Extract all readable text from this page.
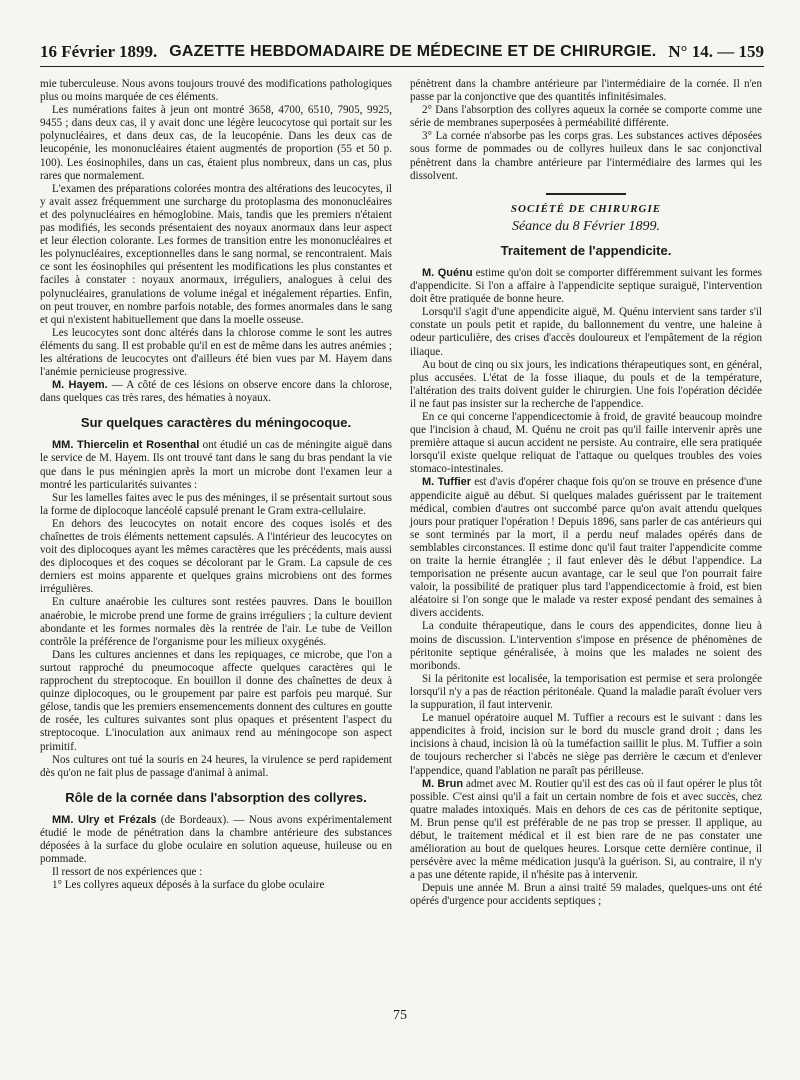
16 Février 1899. GAZETTE HEBDOMADAIRE DE MÉDECINE ET DE CHIRURGIE. N° 14. — 159

mie tuberculeuse. Nous avons toujours trouvé des modifications pathologiques plus ou moins marquée de ces éléments.

Les numérations faites à jeun ont montré 3658, 4700, 6510, 7905, 9925, 9455 ; dans deux cas, il y avait donc une légère leucocytose qui portait sur les polynucléaires, et dans deux cas, de la leucopénie. Dans les deux cas de leucopénie, les mononucléaires étaient augmentés de proportion (55 et 50 p. 100). Les éosinophiles, dans un cas, étaient plus nombreux, dans un cas, plus rares que normalement.

L'examen des préparations colorées montra des altérations des leucocytes, il y avait assez fréquemment une surcharge du protoplasma des mononucléaires et des polynucléaires en hémoglobine. Mais, tandis que les premiers n'étaient pas modifiés, les seconds présentaient des noyaux anormaux dans leur aspect et leur élection colorante. Les formes de transition entre les mononucléaires et les polynucléaires, exceptionnelles dans le sang normal, se rencontraient. Mais ce sont les éosinophiles qui présentent les modifications les plus constantes et faciles à constater : noyaux anormaux, irréguliers, analogues à celui des polynucléaires, granulations de volume inégal et inégalement réparties. Enfin, on peut trouver, en nombre parfois notable, des formes anormales dans le sang et qui n'existent habituellement que dans la moelle osseuse.

Les leucocytes sont donc altérés dans la chlorose comme le sont les autres éléments du sang. Il est probable qu'il en est de même dans les autres anémies ; les altérations de leucocytes ont d'ailleurs été bien vues par M. Hayem dans l'anémie pernicieuse progressive.

M. Hayem. — A côté de ces lésions on observe encore dans la chlorose, dans quelques cas très rares, des hématies à noyaux.

Sur quelques caractères du méningocoque.

MM. Thiercelin et Rosenthal ont étudié un cas de méningite aiguë dans le service de M. Hayem. Ils ont trouvé tant dans le sang du bras pendant la vie que dans le pus méningien après la mort un microbe dont l'examen leur a montré les particularités suivantes :

Sur les lamelles faites avec le pus des méninges, il se présentait surtout sous la forme de diplocoque lancéolé capsulé prenant le Gram extra-cellulaire.

En dehors des leucocytes on notait encore des coques isolés et des chaînettes de trois éléments nettement capsulés. A l'intérieur des leucocytes on voit des diplocoques ayant les mêmes caractères que les précédents, mais aussi des diplocoques et des coques se décolorant par le Gram. La capsule de ces derniers est moins apparente et quelques grains microbiens ont des formes irrégulières.

En culture anaérobie les cultures sont restées pauvres. Dans le bouillon anaérobie, le microbe prend une forme de grains irréguliers ; la culture devient abondante et les formes normales dès la rentrée de l'air. Le tube de Veillon contrôle la préférence de l'organisme pour les milieux oxygénés.

Dans les cultures anciennes et dans les repiquages, ce microbe, que l'on a surtout rapproché du pneumocoque affecte quelques caractères qui le rapprochent du streptocoque. En bouillon il donne des chaînettes de deux à quinze diplocoques, ou le groupement par paire est parfois peu marqué. Sur gélose, tandis que les premiers ensemencements donnent des cultures en goutte de rosée, les cultures suivantes sont plus opaques et présentent l'aspect du streptocoque. L'inoculation aux animaux rend au méningocope son aspect primitif.

Nos cultures ont tué la souris en 24 heures, la virulence se perd rapidement dès qu'on ne fait plus de passage d'animal à animal.

Rôle de la cornée dans l'absorption des collyres.

MM. Ulry et Frézals (de Bordeaux). — Nous avons expérimentalement étudié le mode de pénétration dans la chambre antérieure des substances déposées à la surface du globe oculaire en solution aqueuse, huileuse ou en pommade.

Il ressort de nos expériences que :

1° Les collyres aqueux déposés à la surface du globe oculaire

pénètrent dans la chambre antérieure par l'intermédiaire de la cornée. Il n'en passe par la conjonctive que des quantités infinitésimales.

2° Dans l'absorption des collyres aqueux la cornée se comporte comme une série de membranes superposées à perméabilité différente.

3° La cornée n'absorbe pas les corps gras. Les substances actives déposées sous forme de pommades ou de collyres huileux dans le sac conjonctival pénètrent dans la chambre antérieure par l'intermédiaire des larmes qui les dissolvent.

SOCIÉTÉ DE CHIRURGIE
Séance du 8 Février 1899.
Traitement de l'appendicite.

M. Quénu estime qu'on doit se comporter différemment suivant les formes d'appendicite. Si l'on a affaire à l'appendicite septique suraiguë, l'intervention doit être pratiquée de bonne heure.

Lorsqu'il s'agit d'une appendicite aiguë, M. Quénu intervient sans tarder s'il constate un pouls petit et rapide, du ballonnement du ventre, une haleine à odeur particulière, des crises d'accès douloureux et l'empâtement de la région iliaque.

Au bout de cinq ou six jours, les indications thérapeutiques sont, en général, plus accusées. L'état de la fosse iliaque, du pouls et de la température, l'altération des traits doivent guider le chirurgien. Une fois l'opération décidée il ne faut pas insister sur la recherche de l'appendice.

En ce qui concerne l'appendicectomie à froid, de gravité beaucoup moindre que l'incision à chaud, M. Quénu ne croit pas qu'il faille intervenir après une première attaque si aucun accident ne persiste. Au contraire, elle sera pratiquée lorsqu'il existe quelque reliquat de l'attaque ou quelques troubles des voies stomaco-intestinales.

M. Tuffier est d'avis d'opérer chaque fois qu'on se trouve en présence d'une appendicite aiguë au début. Si quelques malades guérissent par le traitement médical, combien d'autres ont succombé parce qu'on avait attendu quelques jours pour pratiquer l'opération ! Depuis 1896, sans parler de cas antérieurs qui se sont terminés par la mort, il a perdu neuf malades opérés dans de semblables circonstances. Il estime donc qu'il faut traiter l'appendicite comme on traite la hernie étranglée ; il faut enlever dès le début l'appendice. La temporisation ne présente aucun avantage, car le seul que l'on pourrait faire valoir, la possibilité de pratiquer plus tard l'appendicectomie à froid, est bien aléatoire si l'on songe que le malade va rester exposé pendant des semaines à divers accidents.

La conduite thérapeutique, dans le cours des appendicites, donne lieu à moins de discussion. L'intervention s'impose en présence de phénomènes de péritonite septique généralisée, à moins que les malades ne soient des moribonds.

Si la péritonite est localisée, la temporisation est permise et sera prolongée lorsqu'il n'y a pas de réaction péritonéale. Quand la maladie paraît évoluer vers la suppuration, il faut intervenir.

Le manuel opératoire auquel M. Tuffier a recours est le suivant : dans les appendicites à froid, incision sur le bord du muscle grand droit ; dans les incisions à chaud, incision là où la tuméfaction saillit le plus. M. Tuffier a soin de toujours rechercher si l'abcès ne siège pas derrière le cæcum et d'enlever l'appendice, quand l'ablation ne paraît pas périlleuse.

M. Brun admet avec M. Routier qu'il est des cas où il faut opérer le plus tôt possible. C'est ainsi qu'il a fait un certain nombre de fois et avec succès, chez quatre malades intoxiqués. Mais en dehors de ces cas de péritonite septique, M. Brun pense qu'il est préférable de ne pas trop se presser. Il applique, au début, le traitement médical et il est bien rare de ne pas constater une amélioration au bout de quelques heures. Lorsque cette dernière continue, il persévère avec la même médication jusqu'à la guérison. Si, au contraire, il n'y a pas une détente rapide, il n'hésite pas à intervenir.

Depuis une année M. Brun a ainsi traité 59 malades, quelques-uns ont été opérés d'urgence pour accidents septiques ;

75
